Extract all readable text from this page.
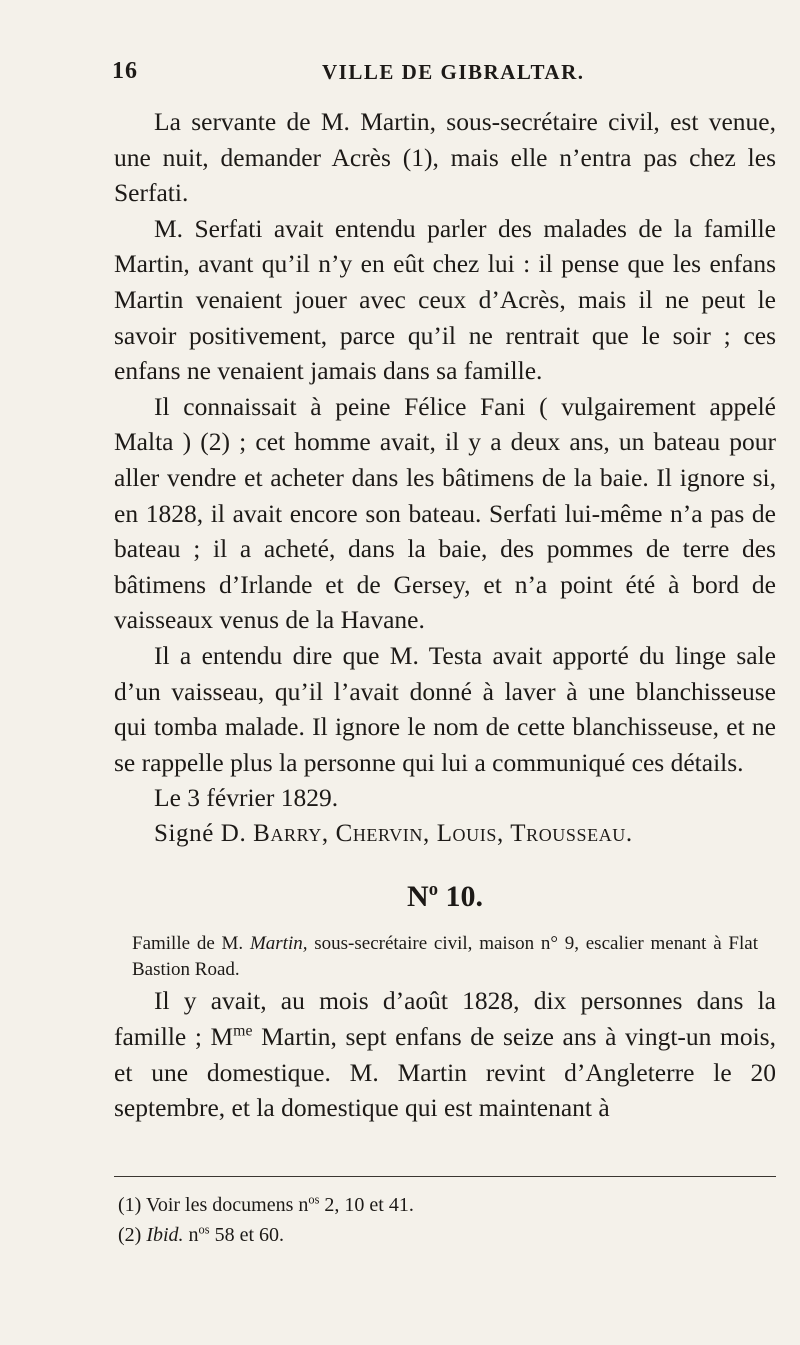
16	VILLE DE GIBRALTAR.

La servante de M. Martin, sous-secrétaire civil, est venue, une nuit, demander Acrès (1), mais elle n’entra pas chez les Serfati.

M. Serfati avait entendu parler des malades de la famille Martin, avant qu’il n’y en eût chez lui : il pense que les enfans Martin venaient jouer avec ceux d’Acrès, mais il ne peut le savoir positivement, parce qu’il ne rentrait que le soir ; ces enfans ne venaient jamais dans sa famille.

Il connaissait à peine Félice Fani ( vulgairement appelé Malta ) (2) ; cet homme avait, il y a deux ans, un bateau pour aller vendre et acheter dans les bâtimens de la baie. Il ignore si, en 1828, il avait encore son bateau. Serfati lui-même n’a pas de bateau ; il a acheté, dans la baie, des pommes de terre des bâtimens d’Irlande et de Gersey, et n’a point été à bord de vaisseaux venus de la Havane.

Il a entendu dire que M. Testa avait apporté du linge sale d’un vaisseau, qu’il l’avait donné à laver à une blanchisseuse qui tomba malade. Il ignore le nom de cette blanchisseuse, et ne se rappelle plus la personne qui lui a communiqué ces détails.

Le 3 février 1829.

Signé D. Barry, Chervin, Louis, Trousseau.

$N^o$ 10.

Famille de M. Martin, sous-secrétaire civil, maison n° 9, escalier menant à Flat Bastion Road.

Il y avait, au mois d’août 1828, dix personnes dans la famille ; $M^{me}$ Martin, sept enfans de seize ans à vingt-un mois, et une domestique. M. Martin revint d’Angleterre le 20 septembre, et la domestique qui est maintenant à

(1) Voir les documens $n^{os}$ 2, 10 et 41.
(2) Ibid. $n^{os}$ 58 et 60.
